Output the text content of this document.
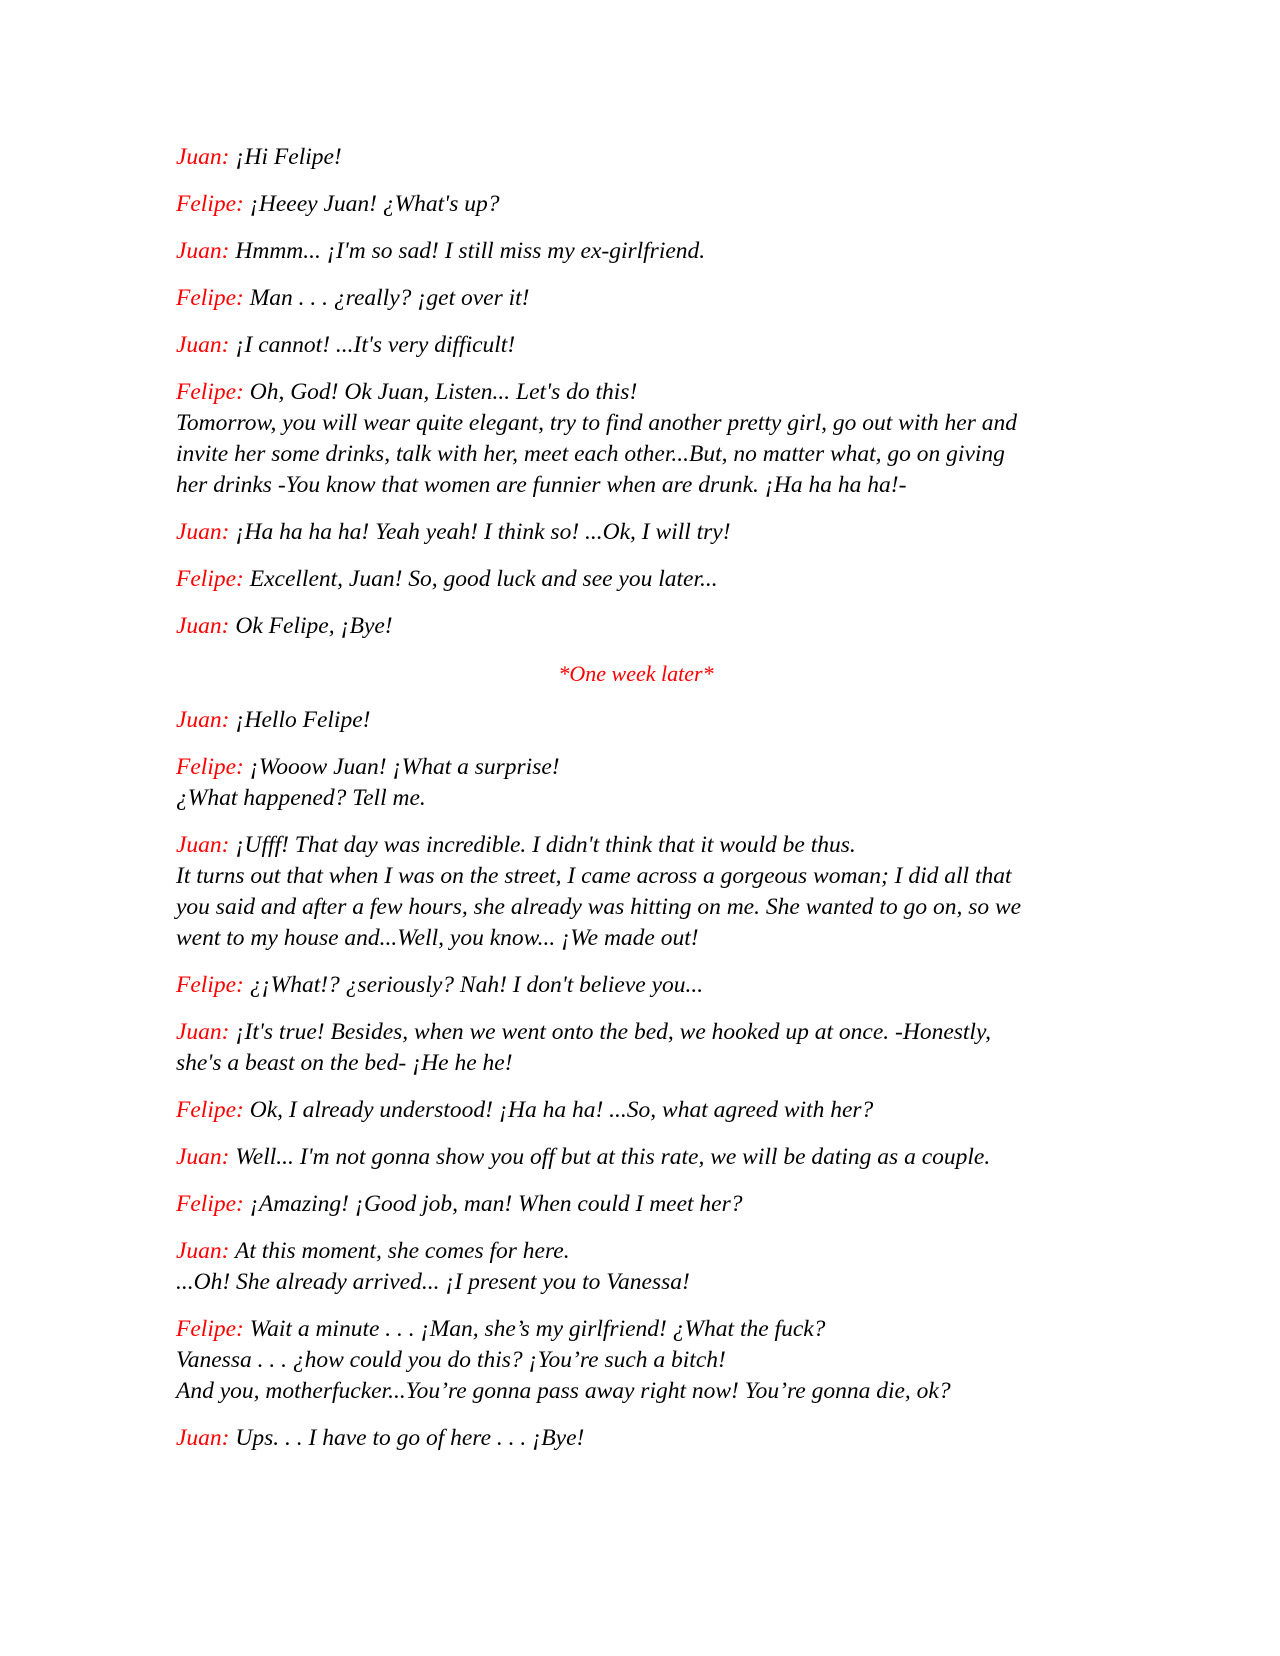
Juan: ¡Hi Felipe!
Felipe: ¡Heeey Juan! ¿What's up?
Juan: Hmmm... ¡I'm so sad! I still miss my ex-girlfriend.
Felipe: Man . . . ¿really? ¡get over it!
Juan: ¡I cannot! ...It's very difficult!
Felipe: Oh, God! Ok Juan, Listen... Let's do this!
Tomorrow, you will wear quite elegant, try to find another pretty girl, go out with her and
invite her some drinks, talk with her, meet each other...But, no matter what, go on giving
her drinks -You know that women are funnier when are drunk. ¡Ha ha ha ha!-
Juan: ¡Ha ha ha ha! Yeah yeah! I think so! ...Ok, I will try!
Felipe: Excellent, Juan! So, good luck and see you later...
Juan: Ok Felipe, ¡Bye!
*One week later*
Juan: ¡Hello Felipe!
Felipe: ¡Wooow Juan! ¡What a surprise!
¿What happened? Tell me.
Juan: ¡Ufff! That day was incredible. I didn't think that it would be thus.
It turns out that when I was on the street, I came across a gorgeous woman; I did all that
you said and after a few hours, she already was hitting on me. She wanted to go on, so we
went to my house and...Well, you know... ¡We made out!
Felipe: ¿¡What!? ¿seriously? Nah! I don't believe you...
Juan: ¡It's true! Besides, when we went onto the bed, we hooked up at once. -Honestly,
she's a beast on the bed- ¡He he he!
Felipe: Ok, I already understood! ¡Ha ha ha! ...So, what agreed with her?
Juan: Well... I'm not gonna show you off but at this rate, we will be dating as a couple.
Felipe: ¡Amazing! ¡Good job, man! When could I meet her?
Juan: At this moment, she comes for here.
...Oh! She already arrived... ¡I present you to Vanessa!
Felipe: Wait a minute . . . ¡Man, she’s my girlfriend! ¿What the fuck?
Vanessa . . . ¿how could you do this? ¡You’re such a bitch!
And you, motherfucker...You’re gonna pass away right now! You’re gonna die, ok?
Juan: Ups. . . I have to go of here . . . ¡Bye!
